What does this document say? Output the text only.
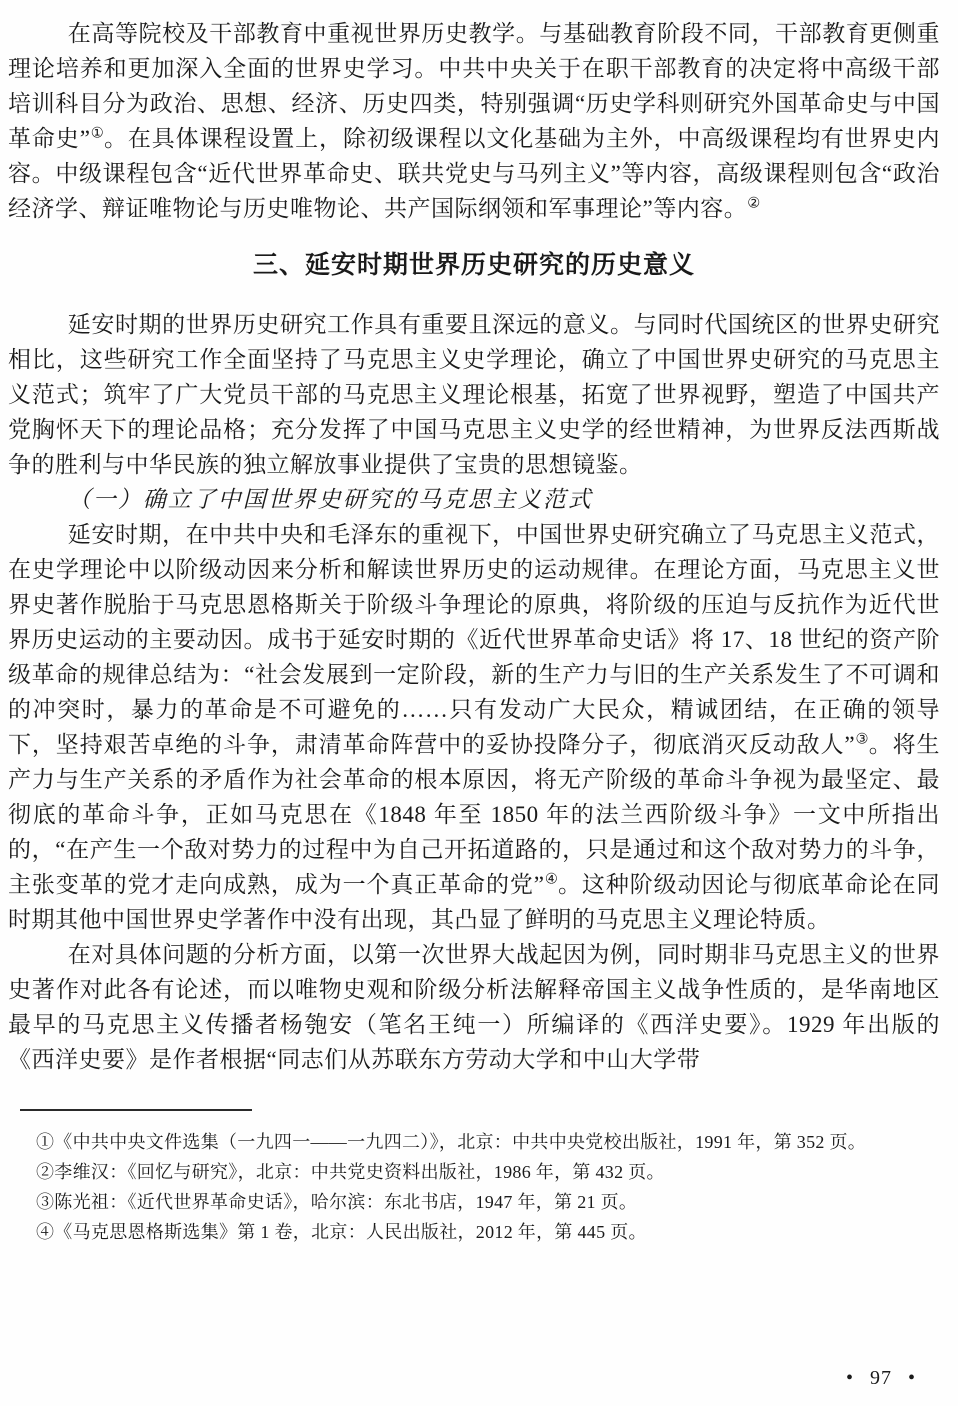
在高等院校及干部教育中重视世界历史教学。与基础教育阶段不同，干部教育更侧重理论培养和更加深入全面的世界史学习。中共中央关于在职干部教育的决定将中高级干部培训科目分为政治、思想、经济、历史四类，特别强调“历史学科则研究外国革命史与中国革命史”①。在具体课程设置上，除初级课程以文化基础为主外，中高级课程均有世界史内容。中级课程包含“近代世界革命史、联共党史与马列主义”等内容，高级课程则包含“政治经济学、辩证唯物论与历史唯物论、共产国际纲领和军事理论”等内容。②

三、延安时期世界历史研究的历史意义

延安时期的世界历史研究工作具有重要且深远的意义。与同时代国统区的世界史研究相比，这些研究工作全面坚持了马克思主义史学理论，确立了中国世界史研究的马克思主义范式；筑牢了广大党员干部的马克思主义理论根基，拓宽了世界视野，塑造了中国共产党胸怀天下的理论品格；充分发挥了中国马克思主义史学的经世精神，为世界反法西斯战争的胜利与中华民族的独立解放事业提供了宝贵的思想镜鉴。

（一）确立了中国世界史研究的马克思主义范式

延安时期，在中共中央和毛泽东的重视下，中国世界史研究确立了马克思主义范式，在史学理论中以阶级动因来分析和解读世界历史的运动规律。在理论方面，马克思主义世界史著作脱胎于马克思恩格斯关于阶级斗争理论的原典，将阶级的压迫与反抗作为近代世界历史运动的主要动因。成书于延安时期的《近代世界革命史话》将 17、18 世纪的资产阶级革命的规律总结为：“社会发展到一定阶段，新的生产力与旧的生产关系发生了不可调和的冲突时，暴力的革命是不可避免的……只有发动广大民众，精诚团结，在正确的领导下，坚持艰苦卓绝的斗争，肃清革命阵营中的妥协投降分子，彻底消灭反动敌人”③。将生产力与生产关系的矛盾作为社会革命的根本原因，将无产阶级的革命斗争视为最坚定、最彻底的革命斗争，正如马克思在《1848 年至 1850 年的法兰西阶级斗争》一文中所指出的，“在产生一个敌对势力的过程中为自己开拓道路的，只是通过和这个敌对势力的斗争，主张变革的党才走向成熟，成为一个真正革命的党”④。这种阶级动因论与彻底革命论在同时期其他中国世界史学著作中没有出现，其凸显了鲜明的马克思主义理论特质。

在对具体问题的分析方面，以第一次世界大战起因为例，同时期非马克思主义的世界史著作对此各有论述，而以唯物史观和阶级分析法解释帝国主义战争性质的，是华南地区最早的马克思主义传播者杨匏安（笔名王纯一）所编译的《西洋史要》。1929 年出版的《西洋史要》是作者根据“同志们从苏联东方劳动大学和中山大学带

①《中共中央文件选集（一九四一——一九四二）》，北京：中共中央党校出版社，1991 年，第 352 页。

②李维汉：《回忆与研究》，北京：中共党史资料出版社，1986 年，第 432 页。

③陈光祖：《近代世界革命史话》，哈尔滨：东北书店，1947 年，第 21 页。

④《马克思恩格斯选集》第 1 卷，北京：人民出版社，2012 年，第 445 页。

• 97 •
